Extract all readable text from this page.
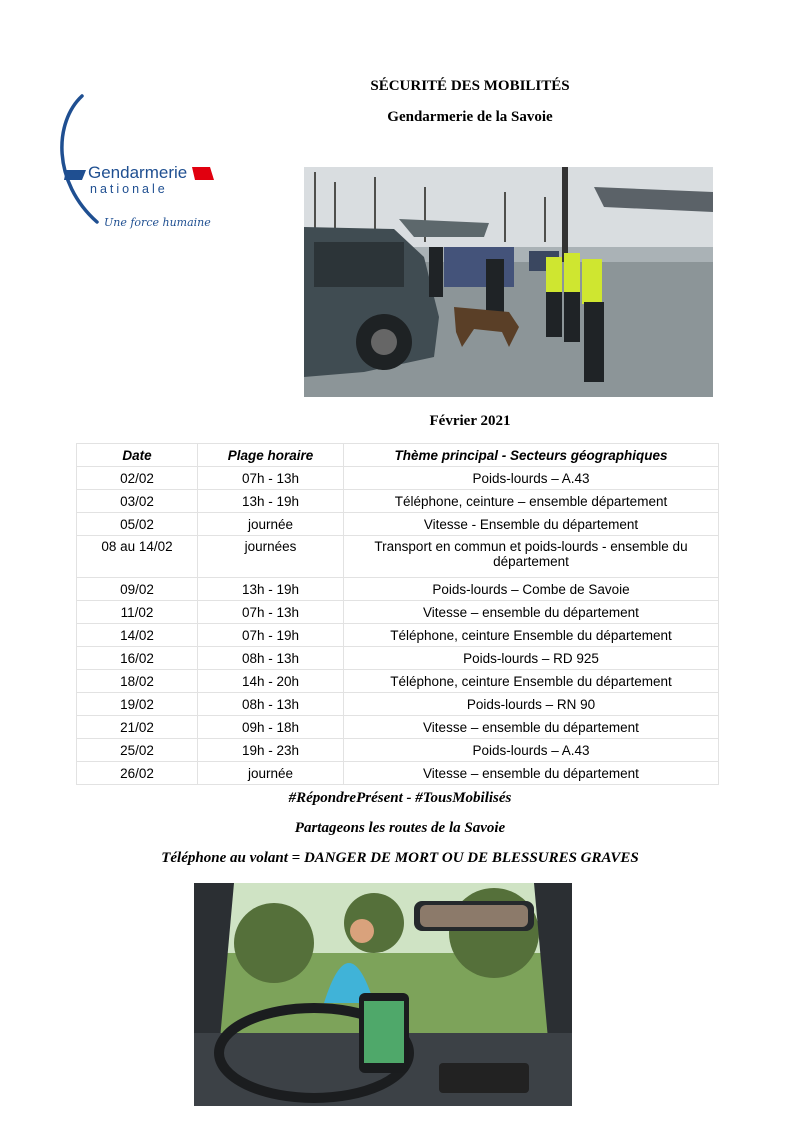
SÉCURITÉ DES MOBILITÉS
Gendarmerie de la Savoie
Gendarmerie
nationale
Une force humaine
Février 2021
Date	Plage horaire	Thème principal - Secteurs géographiques
02/02	07h - 13h	Poids-lourds – A.43
03/02	13h - 19h	Téléphone, ceinture – ensemble département
05/02	journée	Vitesse - Ensemble du département
08 au 14/02	journées	Transport en commun et poids-lourds - ensemble du département
09/02	13h - 19h	Poids-lourds – Combe de Savoie
11/02	07h - 13h	Vitesse – ensemble du département
14/02	07h - 19h	Téléphone, ceinture Ensemble du département
16/02	08h - 13h	Poids-lourds – RD 925
18/02	14h - 20h	Téléphone, ceinture Ensemble du département
19/02	08h - 13h	Poids-lourds – RN 90
21/02	09h - 18h	Vitesse – ensemble du département
25/02	19h - 23h	Poids-lourds – A.43
26/02	journée	Vitesse – ensemble du département
#RépondrePrésent - #TousMobilisés
Partageons les routes de la Savoie
Téléphone au volant = DANGER DE MORT OU DE BLESSURES GRAVES
